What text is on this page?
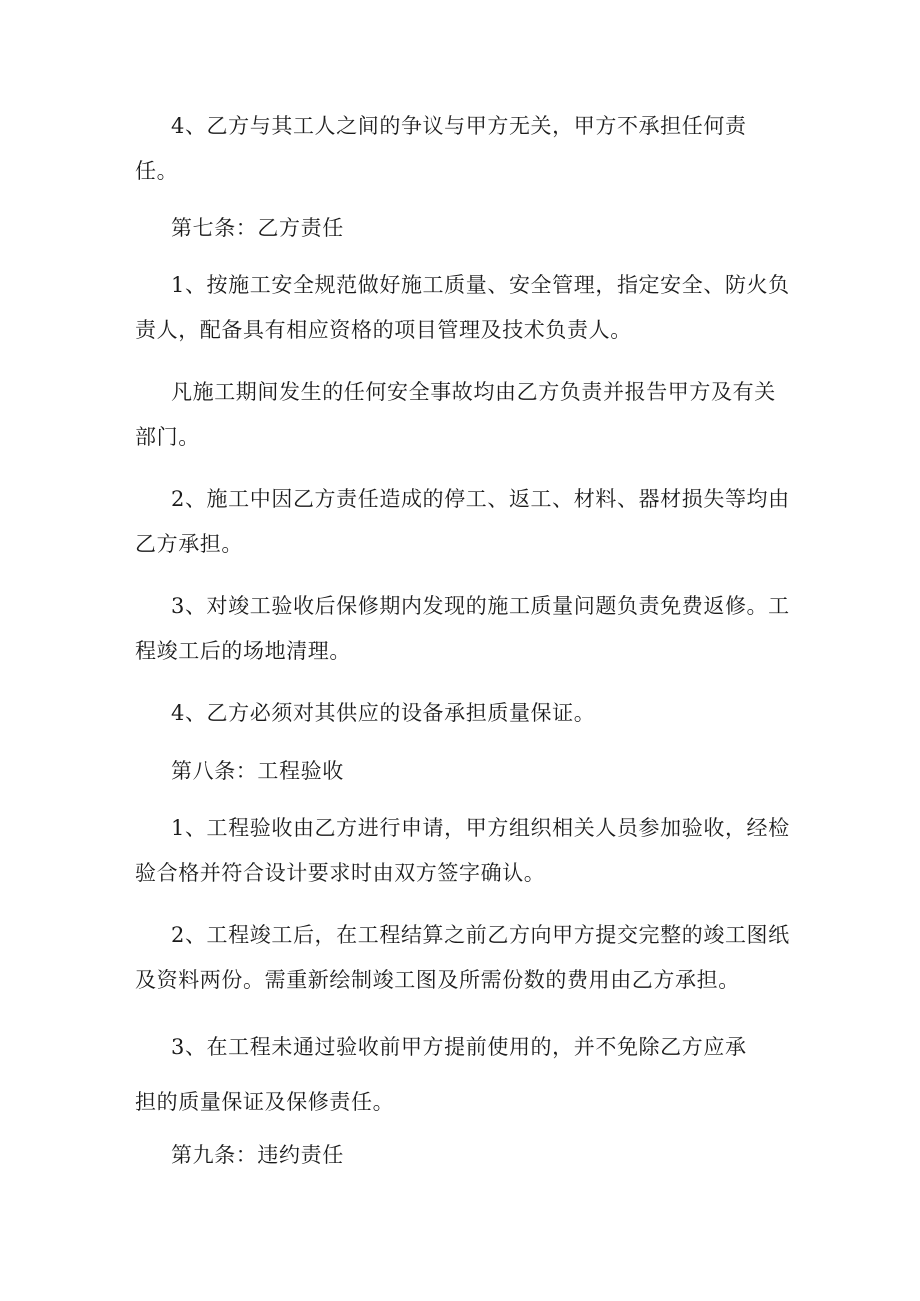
4、乙方与其工人之间的争议与甲方无关，甲方不承担任何责任。

第七条：乙方责任

1、按施工安全规范做好施工质量、安全管理，指定安全、防火负责人，配备具有相应资格的项目管理及技术负责人。

凡施工期间发生的任何安全事故均由乙方负责并报告甲方及有关部门。

2、施工中因乙方责任造成的停工、返工、材料、器材损失等均由乙方承担。

3、对竣工验收后保修期内发现的施工质量问题负责免费返修。工程竣工后的场地清理。

4、乙方必须对其供应的设备承担质量保证。

第八条：工程验收

1、工程验收由乙方进行申请，甲方组织相关人员参加验收，经检验合格并符合设计要求时由双方签字确认。

2、工程竣工后，在工程结算之前乙方向甲方提交完整的竣工图纸及资料两份。需重新绘制竣工图及所需份数的费用由乙方承担。

3、在工程未通过验收前甲方提前使用的，并不免除乙方应承担的质量保证及保修责任。

第九条：违约责任
